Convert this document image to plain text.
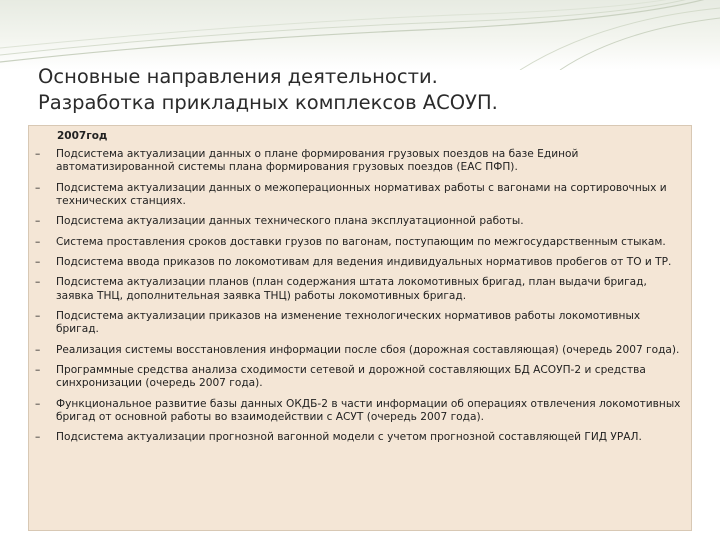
Основные направления деятельности.
Разработка прикладных комплексов АСОУП.
2007год
– Подсистема актуализации данных о плане формирования грузовых поездов на базе Единой автоматизированной системы плана формирования грузовых поездов (ЕАС ПФП).
– Подсистема актуализации данных о межоперационных нормативах работы с вагонами на сортировочных и технических станциях.
– Подсистема актуализации данных технического плана эксплуатационной работы.
– Система проставления сроков доставки грузов по вагонам, поступающим по межгосударственным стыкам.
– Подсистема ввода приказов по локомотивам для ведения индивидуальных нормативов пробегов от ТО и ТР.
– Подсистема актуализации планов (план содержания штата локомотивных бригад, план выдачи бригад, заявка ТНЦ, дополнительная заявка ТНЦ) работы локомотивных бригад.
– Подсистема актуализации приказов на изменение технологических нормативов работы локомотивных бригад.
– Реализация системы восстановления информации после сбоя (дорожная составляющая) (очередь 2007 года).
– Программные средства анализа сходимости сетевой и дорожной составляющих БД АСОУП-2 и средства синхронизации (очередь 2007 года).
– Функциональное развитие базы данных ОКДБ-2 в части информации об операциях отвлечения локомотивных бригад от основной работы во взаимодействии с АСУТ (очередь 2007 года).
– Подсистема актуализации прогнозной вагонной модели с учетом прогнозной составляющей ГИД УРАЛ.
